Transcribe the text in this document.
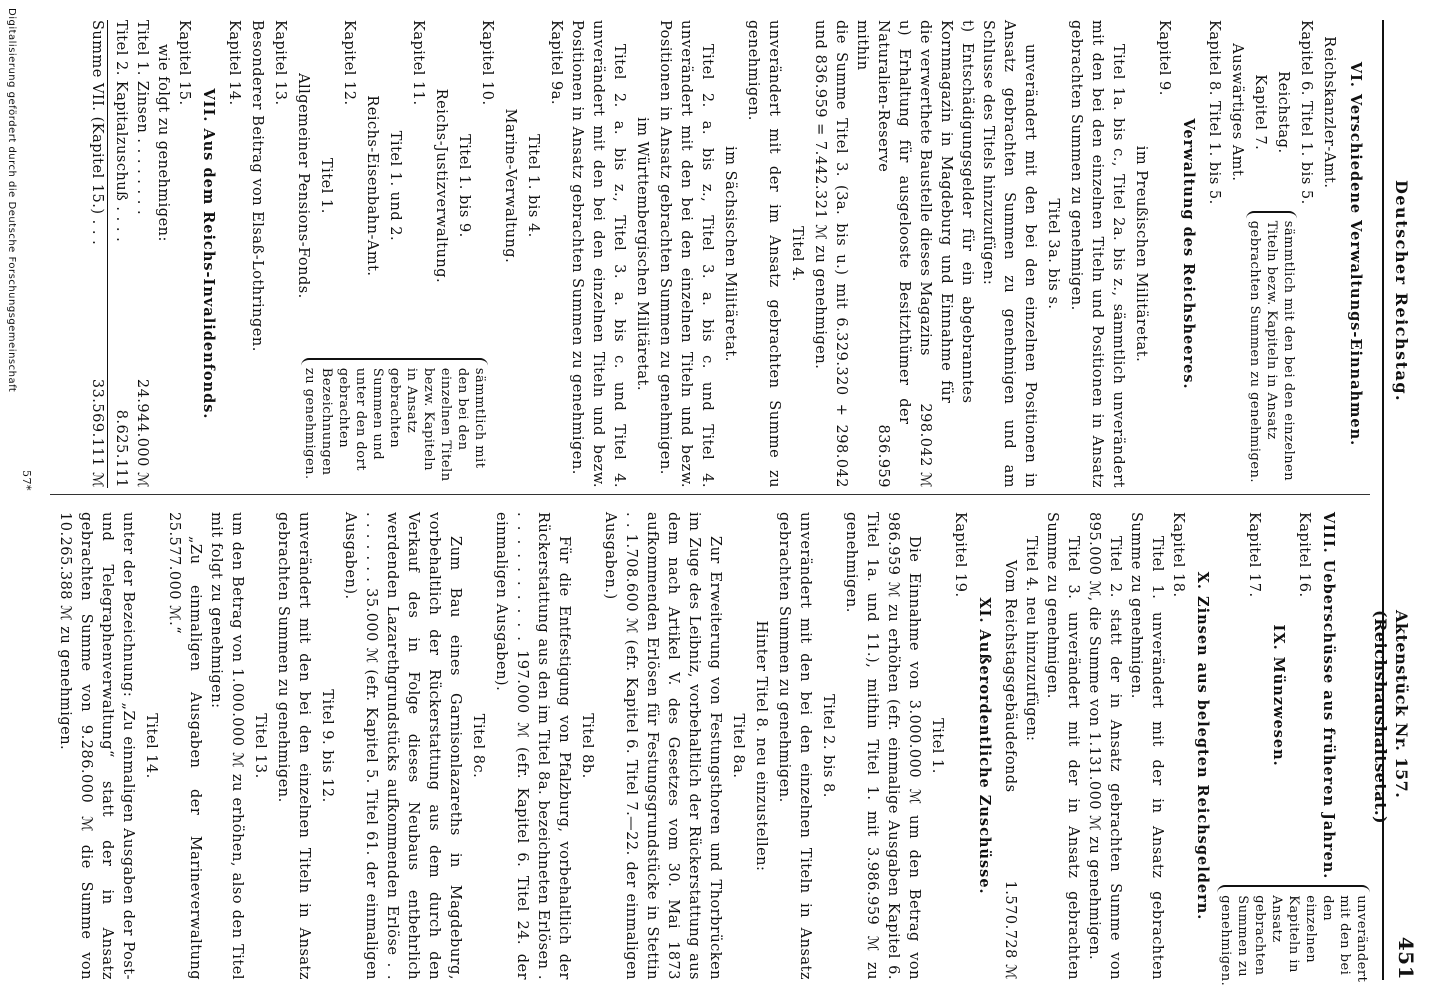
Deutscher Reichstag.
Aktenstück Nr. 157. (Reichshaushaltsetat.)
451
VI. Verschiedene Verwaltungs-Einnahmen.
Reichskanzler-Amt.
Kapitel 6. Titel 1. bis 5.
Reichstag.
Kapitel 7.
Auswärtiges Amt.
Kapitel 8. Titel 1. bis 5.
sämmtlich mit den bei den einzelnen Titeln bezw. Kapiteln in Ansatz gebrachten Summen zu genehmigen.
Verwaltung des Reichsheeres.
Kapitel 9.
im Preußischen Militäretat.

Titel 1a. bis c., Titel 2a. bis z., sämmtlich unverändert mit den bei den einzelnen Titeln und Positionen in Ansatz gebrachten Summen zu genehmigen.

Titel 3a. bis s.

unverändert mit den bei den einzelnen Positionen in Ansatz gebrachten Summen zu genehmigen und am Schlusse des Titels hinzuzufügen:

t) Entschädigungsgelder für ein abgebranntes Kornmagazin in Magdeburg und Einnahme für die verwerthete Baustelle dieses Magazins

298.042 ℳ

u) Erhaltung für ausgelooste Besitzthümer der Naturalien-Reserve

836.959
mithin

die Summe Titel 3. (3a. bis u.) mit 6.329.320 + 298.042 und 836.959 = 7.442.321 ℳ zu genehmigen.

Titel 4.

unverändert mit der im Ansatz gebrachten Summe zu genehmigen.

im Sächsischen Militäretat.

Titel 2. a. bis z., Titel 3. a. bis c. und Titel 4. unverändert mit den bei den einzelnen Titeln und bezw. Positionen in Ansatz gebrachten Summen zu genehmigen.

im Württembergischen Militäretat.

Titel 2. a. bis z., Titel 3. a. bis c. und Titel 4. unverändert mit den bei den einzelnen Titeln und bezw. Positionen in Ansatz gebrachten Summen zu genehmigen.

Kapitel 9a.
Titel 1. bis 4.
Marine-Verwaltung.
Kapitel 10.
Titel 1. bis 9.
Reichs-Justizverwaltung.
Kapitel 11.
Titel 1. und 2.
Reichs-Eisenbahn-Amt.
Kapitel 12.
Titel 1.
Allgemeiner Pensions-Fonds.
Kapitel 13.
Besonderer Beitrag von Elsaß-Lothringen.
Kapitel 14.
sämmtlich mit den bei den einzelnen Titeln bezw. Kapiteln in Ansatz gebrachten Summen und unter den dort gebrachten Bezeichnungen zu genehmigen.
VII. Aus dem Reichs-Invalidenfonds.
Kapitel 15.
wie folgt zu genehmigen:
Titel 1. Zinsen . . . . . . . .
24.944.000 ℳ
Titel 2. Kapitalzuschuß . . . .
8.625.111
Summe VII. (Kapitel 15.) . . .
33.569.111 ℳ
VIII. Ueberschüsse aus früheren Jahren.
Kapitel 16.
IX. Münzwesen.
Kapitel 17.
unverändert mit den bei den einzelnen Kapiteln in Ansatz gebrachten Summen zu genehmigen.
X. Zinsen aus belegten Reichsgeldern.
Kapitel 18.

Titel 1. unverändert mit der in Ansatz gebrachten Summe zu genehmigen.

Titel 2. statt der in Ansatz gebrachten Summe von 895.000 ℳ, die Summe von 1.131.000 ℳ zu genehmigen.

Titel 3. unverändert mit der in Ansatz gebrachten Summe zu genehmigen.

Titel 4. neu hinzuzufügen:

Vom Reichstagsgebäudefonds
1.570.728 ℳ
XI. Außerordentliche Zuschüsse.
Kapitel 19.
Titel 1.

Die Einnahme von 3.000.000 ℳ um den Betrag von 986.959 ℳ zu erhöhen (efr. einmalige Ausgaben Kapitel 6. Titel 1a. und 11.), mithin Titel 1. mit 3.986.959 ℳ zu genehmigen.

Titel 2. bis 8.

unverändert mit den bei den einzelnen Titeln in Ansatz gebrachten Summen zu genehmigen.

Hinter Titel 8. neu einzustellen:
Titel 8a.

Zur Erweiterung von Festungsthoren und Thorbrücken im Zuge des Leibniz, vorbehaltlich der Rückerstattung aus dem nach Artikel V. des Gesetzes vom 30. Mai 1873 aufkommenden Erlösen für Festungsgrundstücke in Stettin . . 1.708.600 ℳ (efr. Kapitel 6. Titel 7.—22. der einmaligen Ausgaben.)

Titel 8b.

Für die Entfestigung von Pfalzburg, vorbehaltlich der Rückerstattung aus den im Titel 8a. bezeichneten Erlösen . . . . . . . . . . . 197.000 ℳ (efr. Kapitel 6. Titel 24. der einmaligen Ausgaben).

Titel 8c.

Zum Bau eines Garnisonlazareths in Magdeburg, vorbehaltlich der Rückerstattung aus dem durch den Verkauf des in Folge dieses Neubaus entbehrlich werdenden Lazarethgrundstücks aufkommenden Erlöse . . . . . . . . . 35.000 ℳ (efr. Kapitel 5. Titel 61. der einmaligen Ausgaben).

Titel 9. bis 12.

unverändert mit den bei den einzelnen Titeln in Ansatz gebrachten Summen zu genehmigen.

Titel 13.

um den Betrag von 1.000.000 ℳ zu erhöhen, also den Titel mit folgt zu genehmigen:

„Zu einmaligen Ausgaben der Marineverwaltung 25.577.000 ℳ.“

Titel 14.

unter der Bezeichnung: „Zu einmaligen Ausgaben der Post- und Telegraphenverwaltung“ statt der in Ansatz gebrachten Summe von 9.286.000 ℳ die Summe von 10.265.388 ℳ zu genehmigen.

57*
Digitalisierung gefördert durch die Deutsche Forschungsgemeinschaft
